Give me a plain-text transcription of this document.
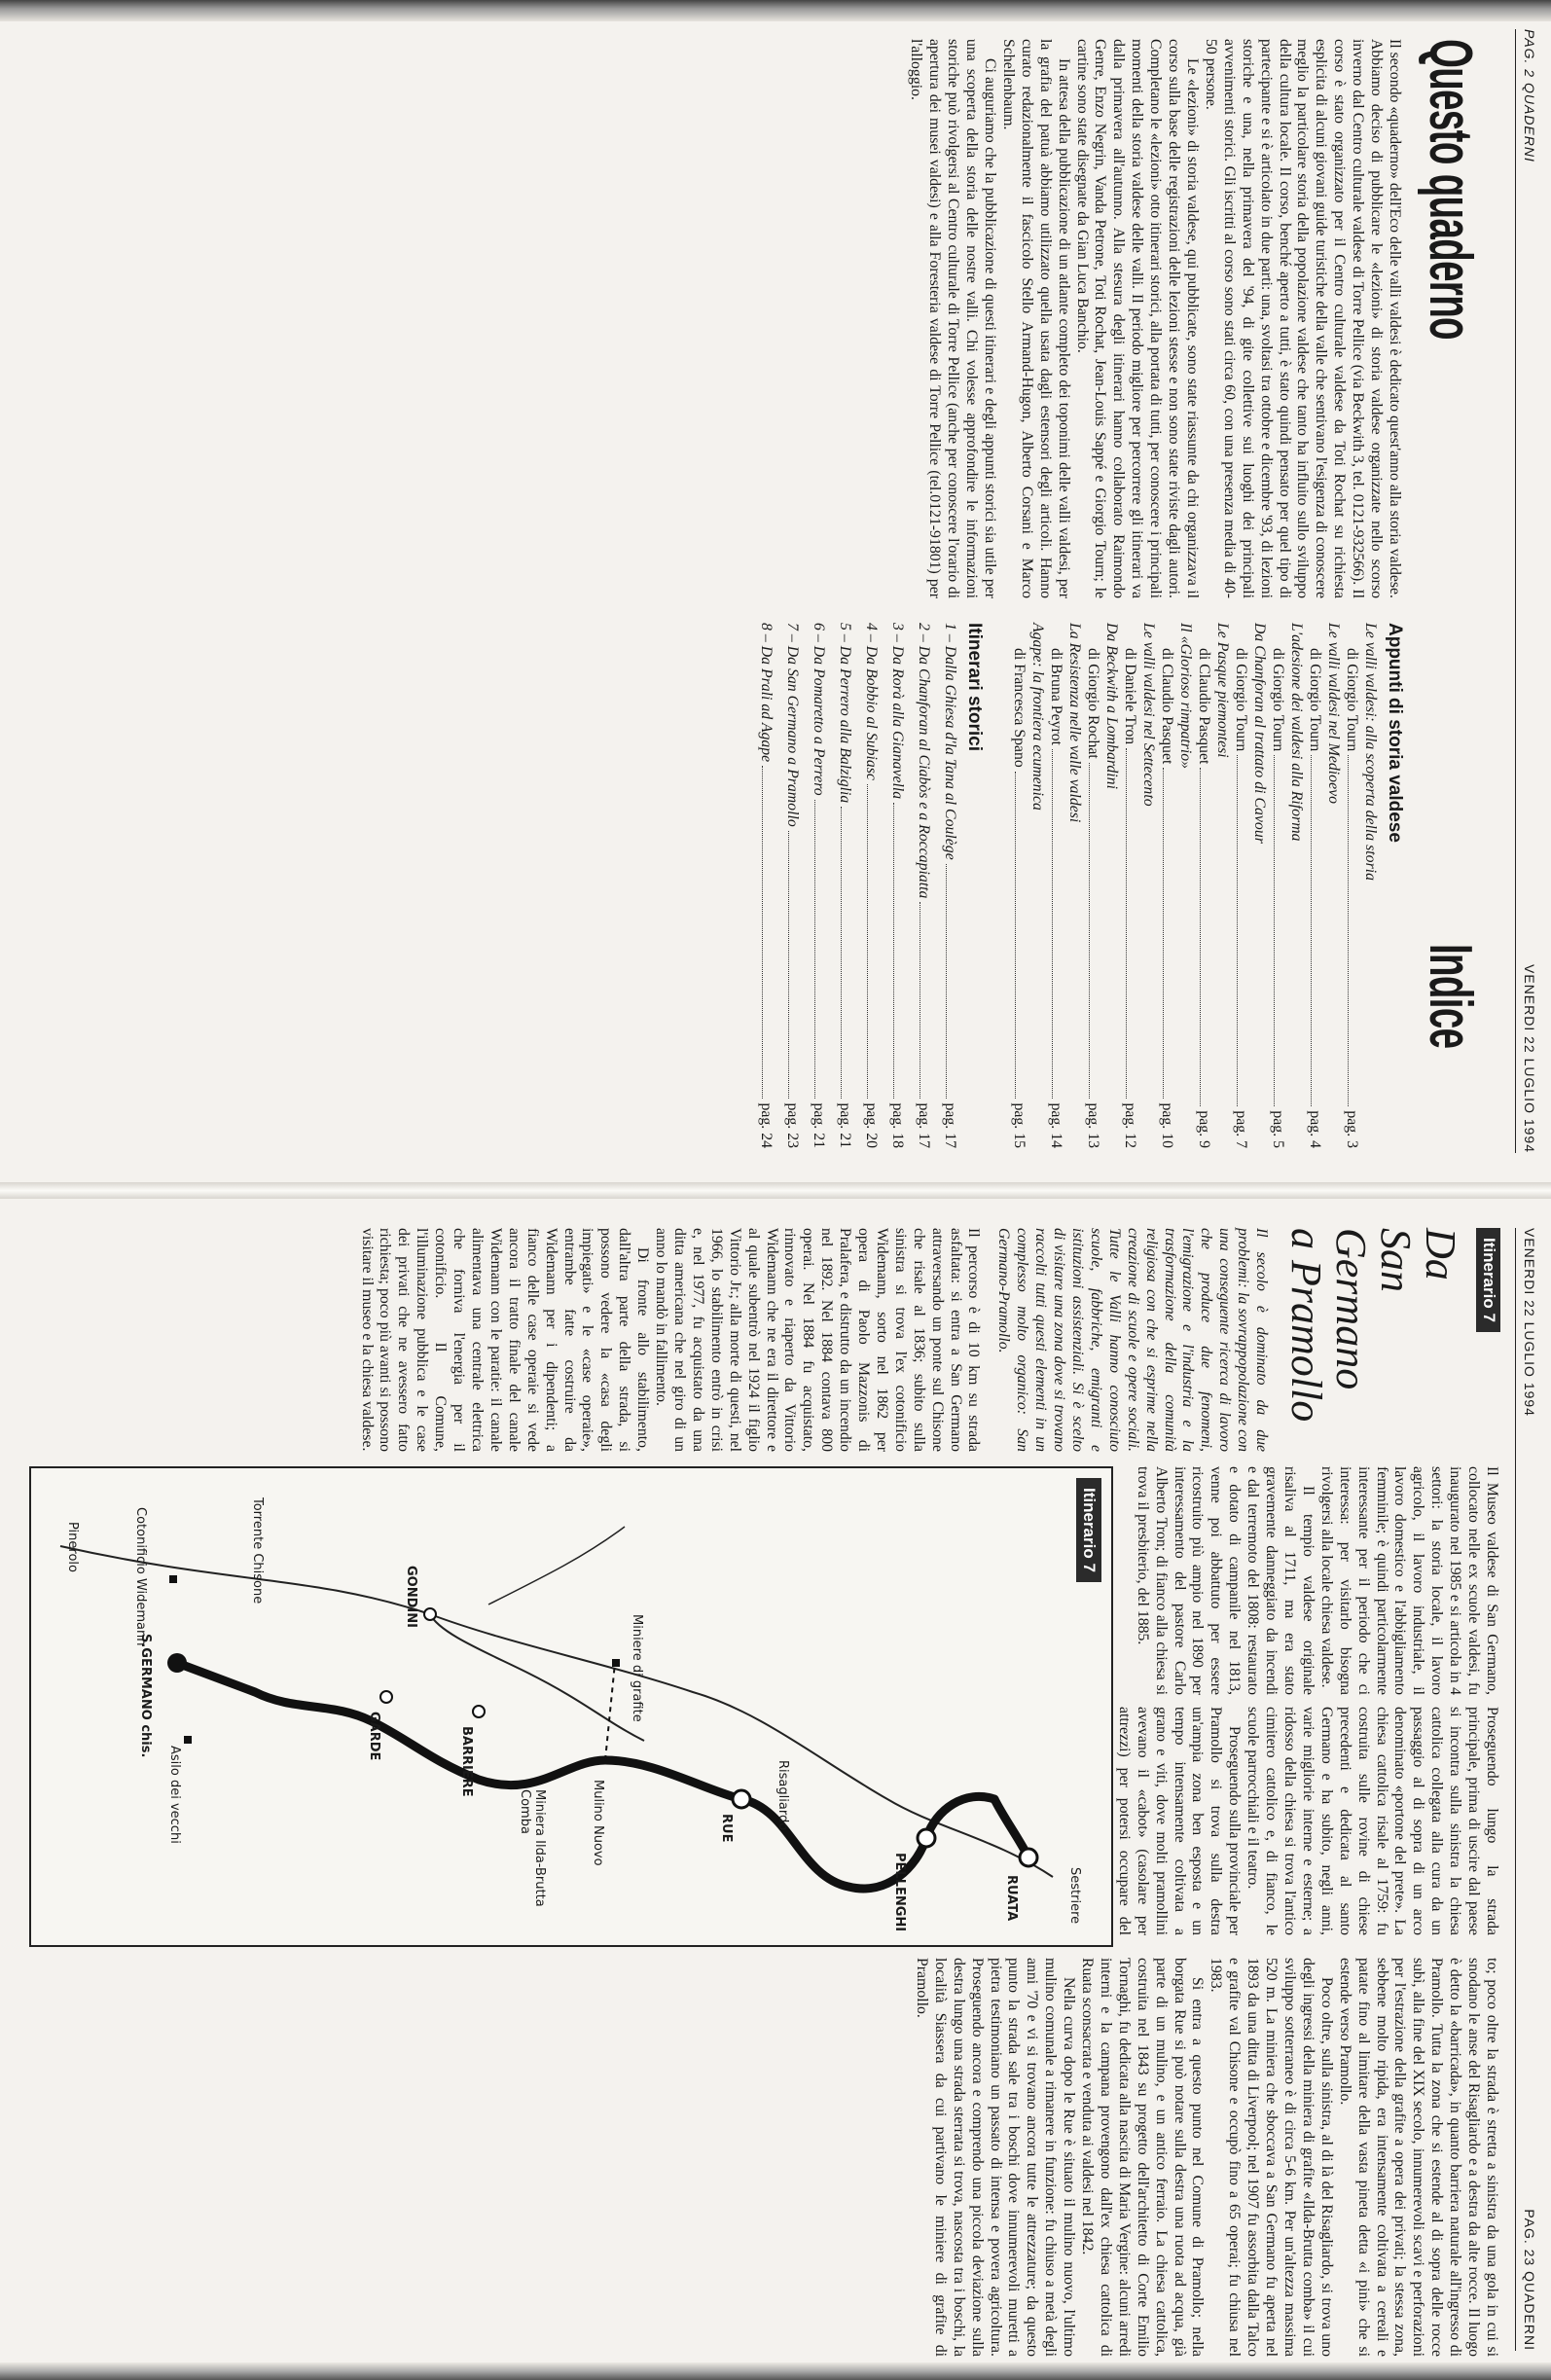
PAG. 2 QUADERNI
VENERDI 22 LUGLIO 1994
Questo quaderno

Il secondo «quaderno» dell'Eco delle valli valdesi è dedicato quest'anno alla storia valdese. Abbiamo deciso di pubblicare le «lezioni» di storia valdese organizzate nello scorso inverno dal Centro culturale valdese di Torre Pellice (via Beckwith 3, tel. 0121-932566). Il corso è stato organizzato per il Centro culturale valdese da Toti Rochat su richiesta esplicita di alcuni giovani guide turistiche della valle che sentivano l'esigenza di conoscere meglio la particolare storia della popolazione valdese che tanto ha influito sullo sviluppo della cultura locale. Il corso, benché aperto a tutti, è stato quindi pensato per quel tipo di partecipante e si è articolato in due parti: una, svoltasi tra ottobre e dicembre '93, di lezioni storiche e una, nella primavera del '94, di gite collettive sui luoghi dei principali avvenimenti storici. Gli iscritti al corso sono stati circa 60, con una presenza media di 40-50 persone.

Le «lezioni» di storia valdese, qui pubblicate, sono state riassunte da chi organizzava il corso sulla base delle registrazioni delle lezioni stesse e non sono state riviste dagli autori. Completano le «lezioni» otto itinerari storici, alla portata di tutti, per conoscere i principali momenti della storia valdese delle valli. Il periodo migliore per percorrere gli itinerari va dalla primavera all'autunno. Alla stesura degli itinerari hanno collaborato Raimondo Genre, Enzo Negrin, Vanda Petrone, Toti Rochat, Jean-Louis Sappé e Giorgio Tourn; le cartine sono state disegnate da Gian Luca Banchio.

In attesa della pubblicazione di un atlante completo dei toponimi delle valli valdesi, per la grafia del patuà abbiamo utilizzato quella usata dagli estensori degli articoli. Hanno curato redazionalmente il fascicolo Stello Armand-Hugon, Alberto Corsani e Marco Schellenbaum.

Ci auguriamo che la pubblicazione di questi itinerari e degli appunti storici sia utile per una scoperta della storia delle nostre valli. Chi volesse approfondire le informazioni storiche può rivolgersi al Centro culturale di Torre Pellice (anche per conoscere l'orario di apertura dei musei valdesi) e alla Foresteria valdese di Torre Pellice (tel.0121-91801) per l'alloggio.

Indice
Appunti di storia valdese
Le valli valdesi: alla scoperta della storia
di Giorgio Tourn
pag. 3
Le valli valdesi nel Medioevo
di Giorgio Tourn
pag. 4
L'adesione dei valdesi alla Riforma
di Giorgio Tourn
pag. 5
Da Chanforan al trattato di Cavour
di Giorgio Tourn
pag. 7
Le Pasque piemontesi
di Claudio Pasquet
pag. 9
Il «Glorioso rimpatrio»
di Claudio Pasquet
pag. 10
Le valli valdesi nel Settecento
di Daniele Tron
pag. 12
Da Beckwith a Lombardini
di Giorgio Rochat
pag. 13
La Resistenza nelle valle valdesi
di Bruna Peyrot
pag. 14
Agape: la frontiera ecumenica
di Francesca Spano
pag. 15
Itinerari storici
1 – Dalla Ghiesa d'la Tana al Coulège
pag. 17
2 – Da Chanforan al Ciabòs e a Roccapiatta
pag. 17
3 – Da Rorà alla Gianavella
pag. 18
4 – Da Bobbio al Subiasc
pag. 20
5 – Da Perrero alla Balziglia
pag. 21
6 – Da Pomaretto a Perrero
pag. 21
7 – Da San Germano a Pramollo
pag. 23
8 – Da Prali ad Agape
pag. 24
VENERDI 22 LUGLIO 1994
PAG. 23 QUADERNI
Itinerario 7
Da
San Germano
a Pramollo
Il secolo è dominato da due problemi: la sovrappopolazione con una conseguente ricerca di lavoro che produce due fenomeni, l'emigrazione e l'industria e la trasformazione della comunità religiosa con che si esprime nella creazione di scuole e opere sociali. Tutte le Valli hanno conosciuto scuole, fabbriche, emigranti e istituzioni assistenziali. Si è scelto di visitare una zona dove si trovano raccolti tutti questi elementi in un complesso molto organico: San Germano-Pramollo.

Il percorso è di 10 km su strada asfaltata: si entra a San Germano attraversando un ponte sul Chisone che risale al 1836; subito sulla sinistra si trova l'ex cotonificio Widemann, sorto nel 1862 per opera di Paolo Mazzonis di Pralafera, e distrutto da un incendio nel 1892. Nel 1884 contava 800 operai. Nel 1884 fu acquistato, rinnovato e riaperto da Vittorio Widemann che ne era il direttore e al quale subentrò nel 1924 il figlio Vittorio Jr.; alla morte di questi, nel 1966, lo stabilimento entrò in crisi e, nel 1977, fu acquistato da una ditta americana che nel giro di un anno lo mandò in fallimento.

Di fronte allo stabilimento, dall'altra parte della strada, si possono vedere la «casa degli impiegati» e le «case operaie», entrambe fatte costruire da Widemann per i dipendenti; a fianco delle case operaie si vede ancora il tratto finale del canale Widemann con le paratie: il canale alimentava una centrale elettrica che forniva l'energia per il cotonificio. Il Comune, l'illuminazione pubblica e le case dei privati che ne avessero fatto richiesta; poco più avanti si possono visitare il museo e la chiesa valdese.

Il Museo valdese di San Germano, collocato nelle ex scuole valdesi, fu inaugurato nel 1985 e si articola in 4 settori: la storia locale, il lavoro agricolo, il lavoro industriale, il lavoro domestico e l'abbigliamento femminile; è quindi particolarmente interessante per il periodo che ci interessa: per visitarlo bisogna rivolgersi alla locale chiesa valdese.

Il tempio valdese originale risaliva al 1711, ma era stato gravemente danneggiato da incendi e dal terremoto del 1808: restaurato e dotato di campanile nel 1813, venne poi abbattuto per essere ricostruito più ampio nel 1890 per interessamento del pastore Carlo Alberto Tron; di fianco alla chiesa si trova il presbiterio, del 1885.

Proseguendo lungo la strada principale, prima di uscire dal paese si incontra sulla sinistra la chiesa cattolica collegata alla cura da un passaggio al di sopra di un arco denominato «portone del prete». La chiesa cattolica risale al 1759: fu costruita sulle rovine di chiese precedenti e dedicata al santo Germano e ha subito, negli anni, varie migliorie interne e esterne; a ridosso della chiesa si trova l'antico cimitero cattolico e, di fianco, le scuole parrocchiali e il teatro.

Proseguendo sulla provinciale per Pramollo si trova sulla destra un'ampia zona ben esposta e un tempo intensamente coltivata a grano e viti, dove molti pramollini avevano il «cabot» (casolare per attrezzi) per potersi occupare del

Itinerario 7
PELLENGHI	RUATA
Miniere di grafite
RUE
BARRIERE
GARDE
GONDINI
Asilo dei vecchi
S.GERMANO chis.
Torrente Chisone
Mulino Nuovo
Miniera Ilda-Brutta Comba
Cotonificio Widemann
Risagliardo
Pinerolo
Sestriere

to; poco oltre la strada è stretta a sinistra da una gola in cui si snodano le anse del Risagliardo e a destra da alte rocce. Il luogo è detto la «barricada», in quanto barriera naturale all'ingresso di Pramollo. Tutta la zona che si estende al di sopra delle rocce subì, alla fine del XIX secolo, innumerevoli scavi e perforazioni per l'estrazione della grafite a opera dei privati; la stessa zona, sebbene molto ripida, era intensamente coltivata a cereali e patate fino al limitare della vasta pineta detta «i pini» che si estende verso Pramollo.

Poco oltre, sulla sinistra, al di là del Risagliardo, si trova uno degli ingressi della miniera di grafite «Ilda-Brutta comba» il cui sviluppo sotterraneo è di circa 5-6 km. Per un'altezza massima 520 m. La miniera che sboccava a San Germano fu aperta nel 1893 da una ditta di Liverpool; nel 1907 fu assorbita dalla Talco e grafite val Chisone e occupò fino a 65 operai; fu chiusa nel 1983.

Si entra a questo punto nel Comune di Pramollo; nella borgata Rue si può notare sulla destra una ruota ad acqua, già parte di un mulino, e un antico ferraio. La chiesa cattolica, costruita nel 1843 su progetto dell'architetto di Corte Emilio Tornaghi, fu dedicata alla nascita di Maria Vergine: alcuni arredi interni e la campana provengono dall'ex chiesa cattolica di Ruata sconsacrata e venduta ai valdesi nel 1842.

Nella curva dopo le Rue è situato il mulino nuovo, l'ultimo mulino comunale a rimanere in funzione: fu chiuso a metà degli anni '70 e vi si trovano ancora tutte le attrezzature; da questo punto la strada sale tra i boschi dove innumerevoli muretti a pietra testimoniano un passato di intensa e povera agricoltura. Proseguendo ancora e comprendo una piccola deviazione sulla destra lungo una strada sterrata si trova, nascosta tra i boschi, la località Siassera da cui partivano le miniere di grafite di Pramollo.
